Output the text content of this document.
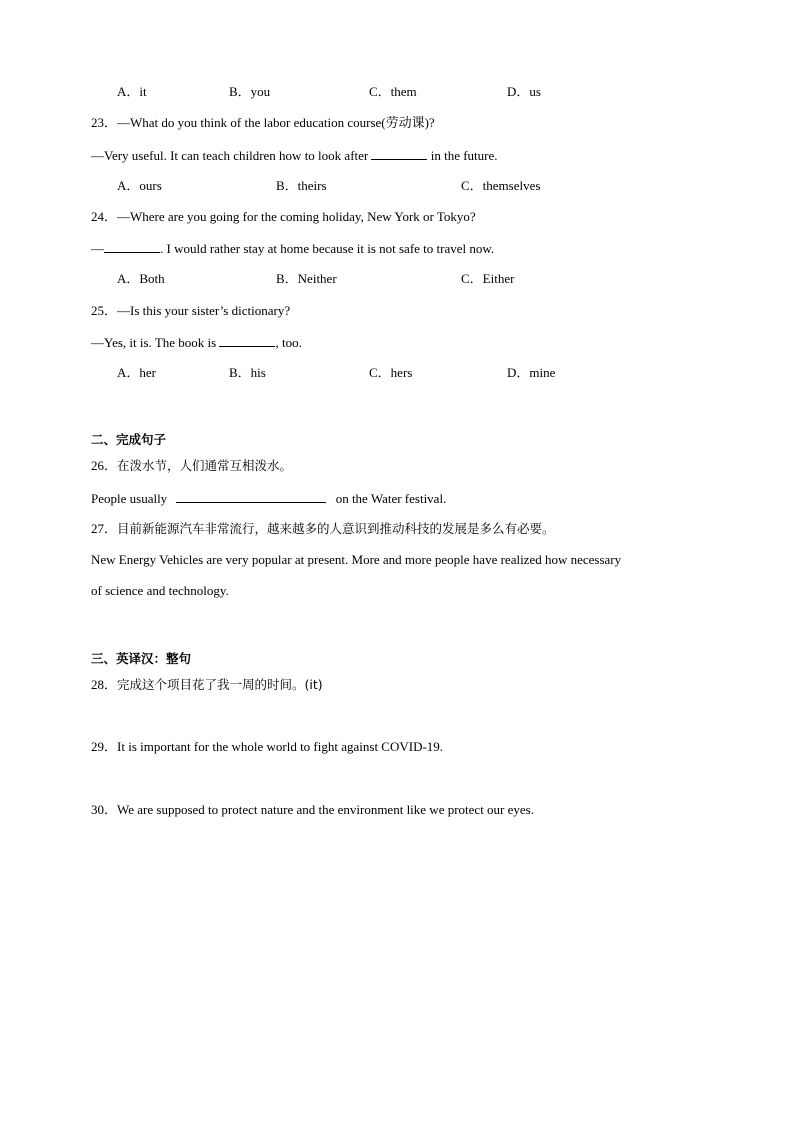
A．it	B．you	C．them	D．us
23．—What do you think of the labor education course(劳动课)?
—Very useful. It can teach children how to look after	in the future.
A．ours	B．theirs	C．themselves
24．—Where are you going for the coming holiday, New York or Tokyo?
—	. I would rather stay at home because it is not safe to travel now.
A．Both	B．Neither	C．Either
25．—Is this your sister’s dictionary?
—Yes, it is. The book is	, too.
A．her	B．his	C．hers	D．mine
二、完成句子
26．在泼水节，人们通常互相泼水。
People usually	on the Water festival.
27．目前新能源汽车非常流行，越来越多的人意识到推动科技的发展是多么有必要。
New Energy Vehicles are very popular at present. More and more people have realized how necessary
of science and technology.
三、英译汉：整句
28．完成这个项目花了我一周的时间。(it)
29．It is important for the whole world to fight against COVID-19.
30．We are supposed to protect nature and the environment like we protect our eyes.
